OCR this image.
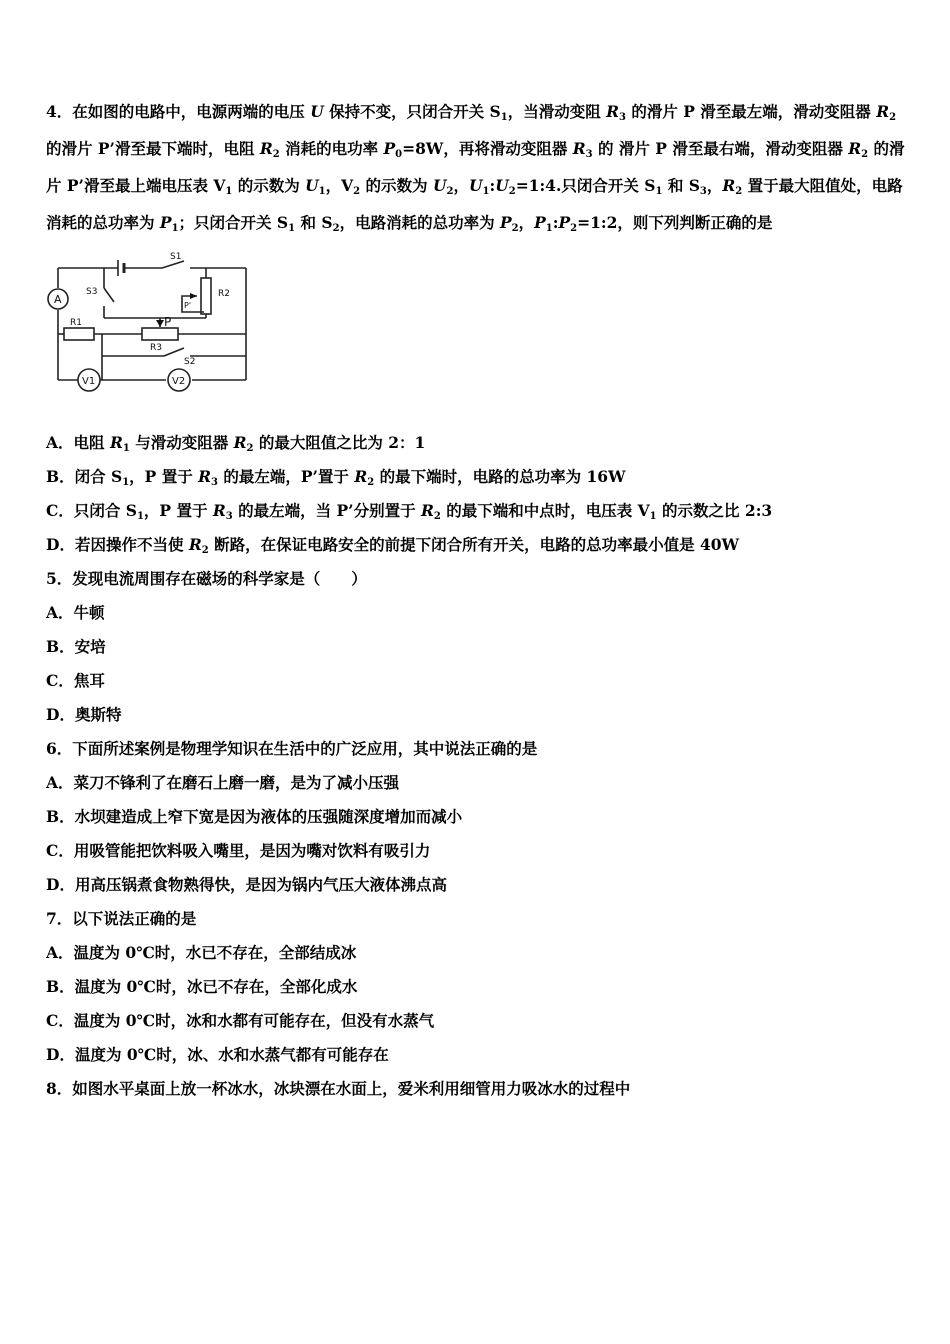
4．在如图的电路中，电源两端的电压 U 保持不变，只闭合开关 $S_1$，当滑动变阻 $R_3$ 的滑片 P 滑至最左端，滑动变阻器 $R_2$ 的滑片 P’滑至最下端时，电阻 $R_2$ 消耗的电功率 $P_0=8W$，再将滑动变阻器 $R_3$ 的 滑片 P 滑至最右端，滑动变阻器 $R_2$ 的滑片 P’滑至最上端电压表 $V_1$ 的示数为 $U_1$，$V_2$ 的示数为 $U_2$，$U_1:U_2=1:4$.只闭合开关 $S_1$ 和 $S_3$，$R_2$ 置于最大阻值处，电路消耗的总功率为 $P_1$；只闭合开关 $S_1$ 和 $S_2$，电路消耗的总功率为 $P_2$，$P_1:P_2=1:2$，则下列判断正确的是
A
V1	V2
S1
S3
S2
R1
R2
R3
P
P'
A．电阻 $R_1$ 与滑动变阻器 $R_2$ 的最大阻值之比为 2：1
B．闭合 $S_1$，P 置于 $R_3$ 的最左端，P’置于 $R_2$ 的最下端时，电路的总功率为 16W
C．只闭合 $S_1$，P 置于 $R_3$ 的最左端，当 P’分别置于 $R_2$ 的最下端和中点时，电压表 $V_1$ 的示数之比 2:3
D．若因操作不当使 $R_2$ 断路，在保证电路安全的前提下闭合所有开关，电路的总功率最小值是 40W
5．发现电流周围存在磁场的科学家是（　　）
A．牛顿
B．安培
C．焦耳
D．奥斯特
6．下面所述案例是物理学知识在生活中的广泛应用，其中说法正确的是
A．菜刀不锋利了在磨石上磨一磨，是为了减小压强
B．水坝建造成上窄下宽是因为液体的压强随深度增加而减小
C．用吸管能把饮料吸入嘴里，是因为嘴对饮料有吸引力
D．用高压锅煮食物熟得快，是因为锅内气压大液体沸点高
7．以下说法正确的是
A．温度为 0℃时，水已不存在，全部结成冰
B．温度为 0℃时，冰已不存在，全部化成水
C．温度为 0℃时，冰和水都有可能存在，但没有水蒸气
D．温度为 0℃时，冰、水和水蒸气都有可能存在
8．如图水平桌面上放一杯冰水，冰块漂在水面上，爱米利用细管用力吸冰水的过程中
